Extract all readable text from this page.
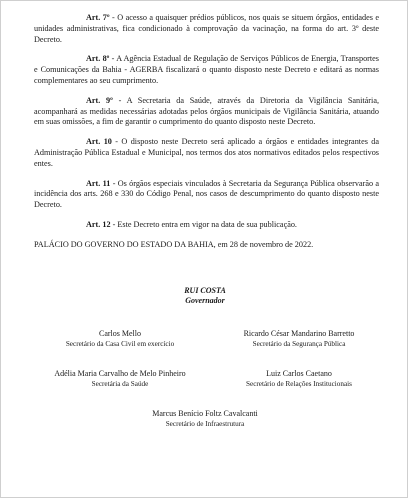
Art. 7º - O acesso a quaisquer prédios públicos, nos quais se situem órgãos, entidades e unidades administrativas, fica condicionado à comprovação da vacinação, na forma do art. 3º deste Decreto.

Art. 8º - A Agência Estadual de Regulação de Serviços Públicos de Energia, Transportes e Comunicações da Bahia - AGERBA fiscalizará o quanto disposto neste Decreto e editará as normas complementares ao seu cumprimento.

Art. 9º - A Secretaria da Saúde, através da Diretoria da Vigilância Sanitária, acompanhará as medidas necessárias adotadas pelos órgãos municipais de Vigilância Sanitária, atuando em suas omissões, a fim de garantir o cumprimento do quanto disposto neste Decreto.

Art. 10 - O disposto neste Decreto será aplicado a órgãos e entidades integrantes da Administração Pública Estadual e Municipal, nos termos dos atos normativos editados pelos respectivos entes.

Art. 11 - Os órgãos especiais vinculados à Secretaria da Segurança Pública observarão a incidência dos arts. 268 e 330 do Código Penal, nos casos de descumprimento do quanto disposto neste Decreto.

Art. 12 - Este Decreto entra em vigor na data de sua publicação.

PALÁCIO DO GOVERNO DO ESTADO DA BAHIA, em 28 de novembro de 2022.

RUI COSTA
Governador
Carlos Mello
Secretário da Casa Civil em exercício
Ricardo César Mandarino Barretto
Secretário da Segurança Pública
Adélia Maria Carvalho de Melo Pinheiro
Secretária da Saúde
Luiz Carlos Caetano
Secretário de Relações Institucionais
Marcus Benício Foltz Cavalcanti
Secretário de Infraestrutura
